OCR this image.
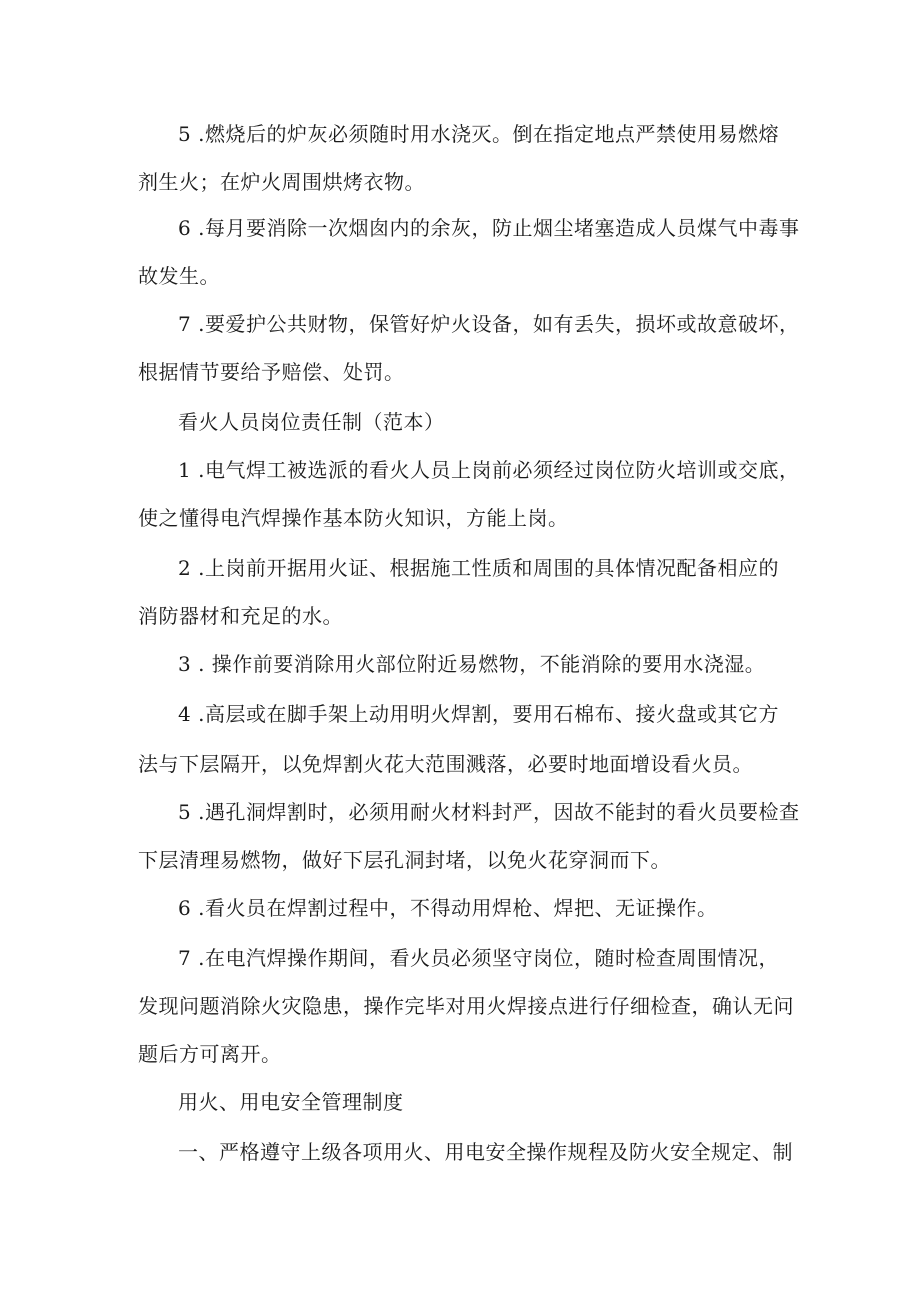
5 .燃烧后的炉灰必须随时用水浇灭。倒在指定地点严禁使用易燃熔
剂生火；在炉火周围烘烤衣物。
6 .每月要消除一次烟囱内的余灰，防止烟尘堵塞造成人员煤气中毒事
故发生。
7 .要爱护公共财物，保管好炉火设备，如有丢失，损坏或故意破坏，
根据情节要给予赔偿、处罚。
看火人员岗位责任制（范本）
1 .电气焊工被选派的看火人员上岗前必须经过岗位防火培训或交底，
使之懂得电汽焊操作基本防火知识，方能上岗。
2 .上岗前开据用火证、根据施工性质和周围的具体情况配备相应的
消防器材和充足的水。
3 . 操作前要消除用火部位附近易燃物，不能消除的要用水浇湿。
4 .高层或在脚手架上动用明火焊割，要用石棉布、接火盘或其它方
法与下层隔开，以免焊割火花大范围溅落，必要时地面增设看火员。
5 .遇孔洞焊割时，必须用耐火材料封严，因故不能封的看火员要检查
下层清理易燃物，做好下层孔洞封堵，以免火花穿洞而下。
6 .看火员在焊割过程中，不得动用焊枪、焊把、无证操作。
7 .在电汽焊操作期间，看火员必须坚守岗位，随时检查周围情况，
发现问题消除火灾隐患，操作完毕对用火焊接点进行仔细检查，确认无问
题后方可离开。
用火、用电安全管理制度
一、严格遵守上级各项用火、用电安全操作规程及防火安全规定、制
